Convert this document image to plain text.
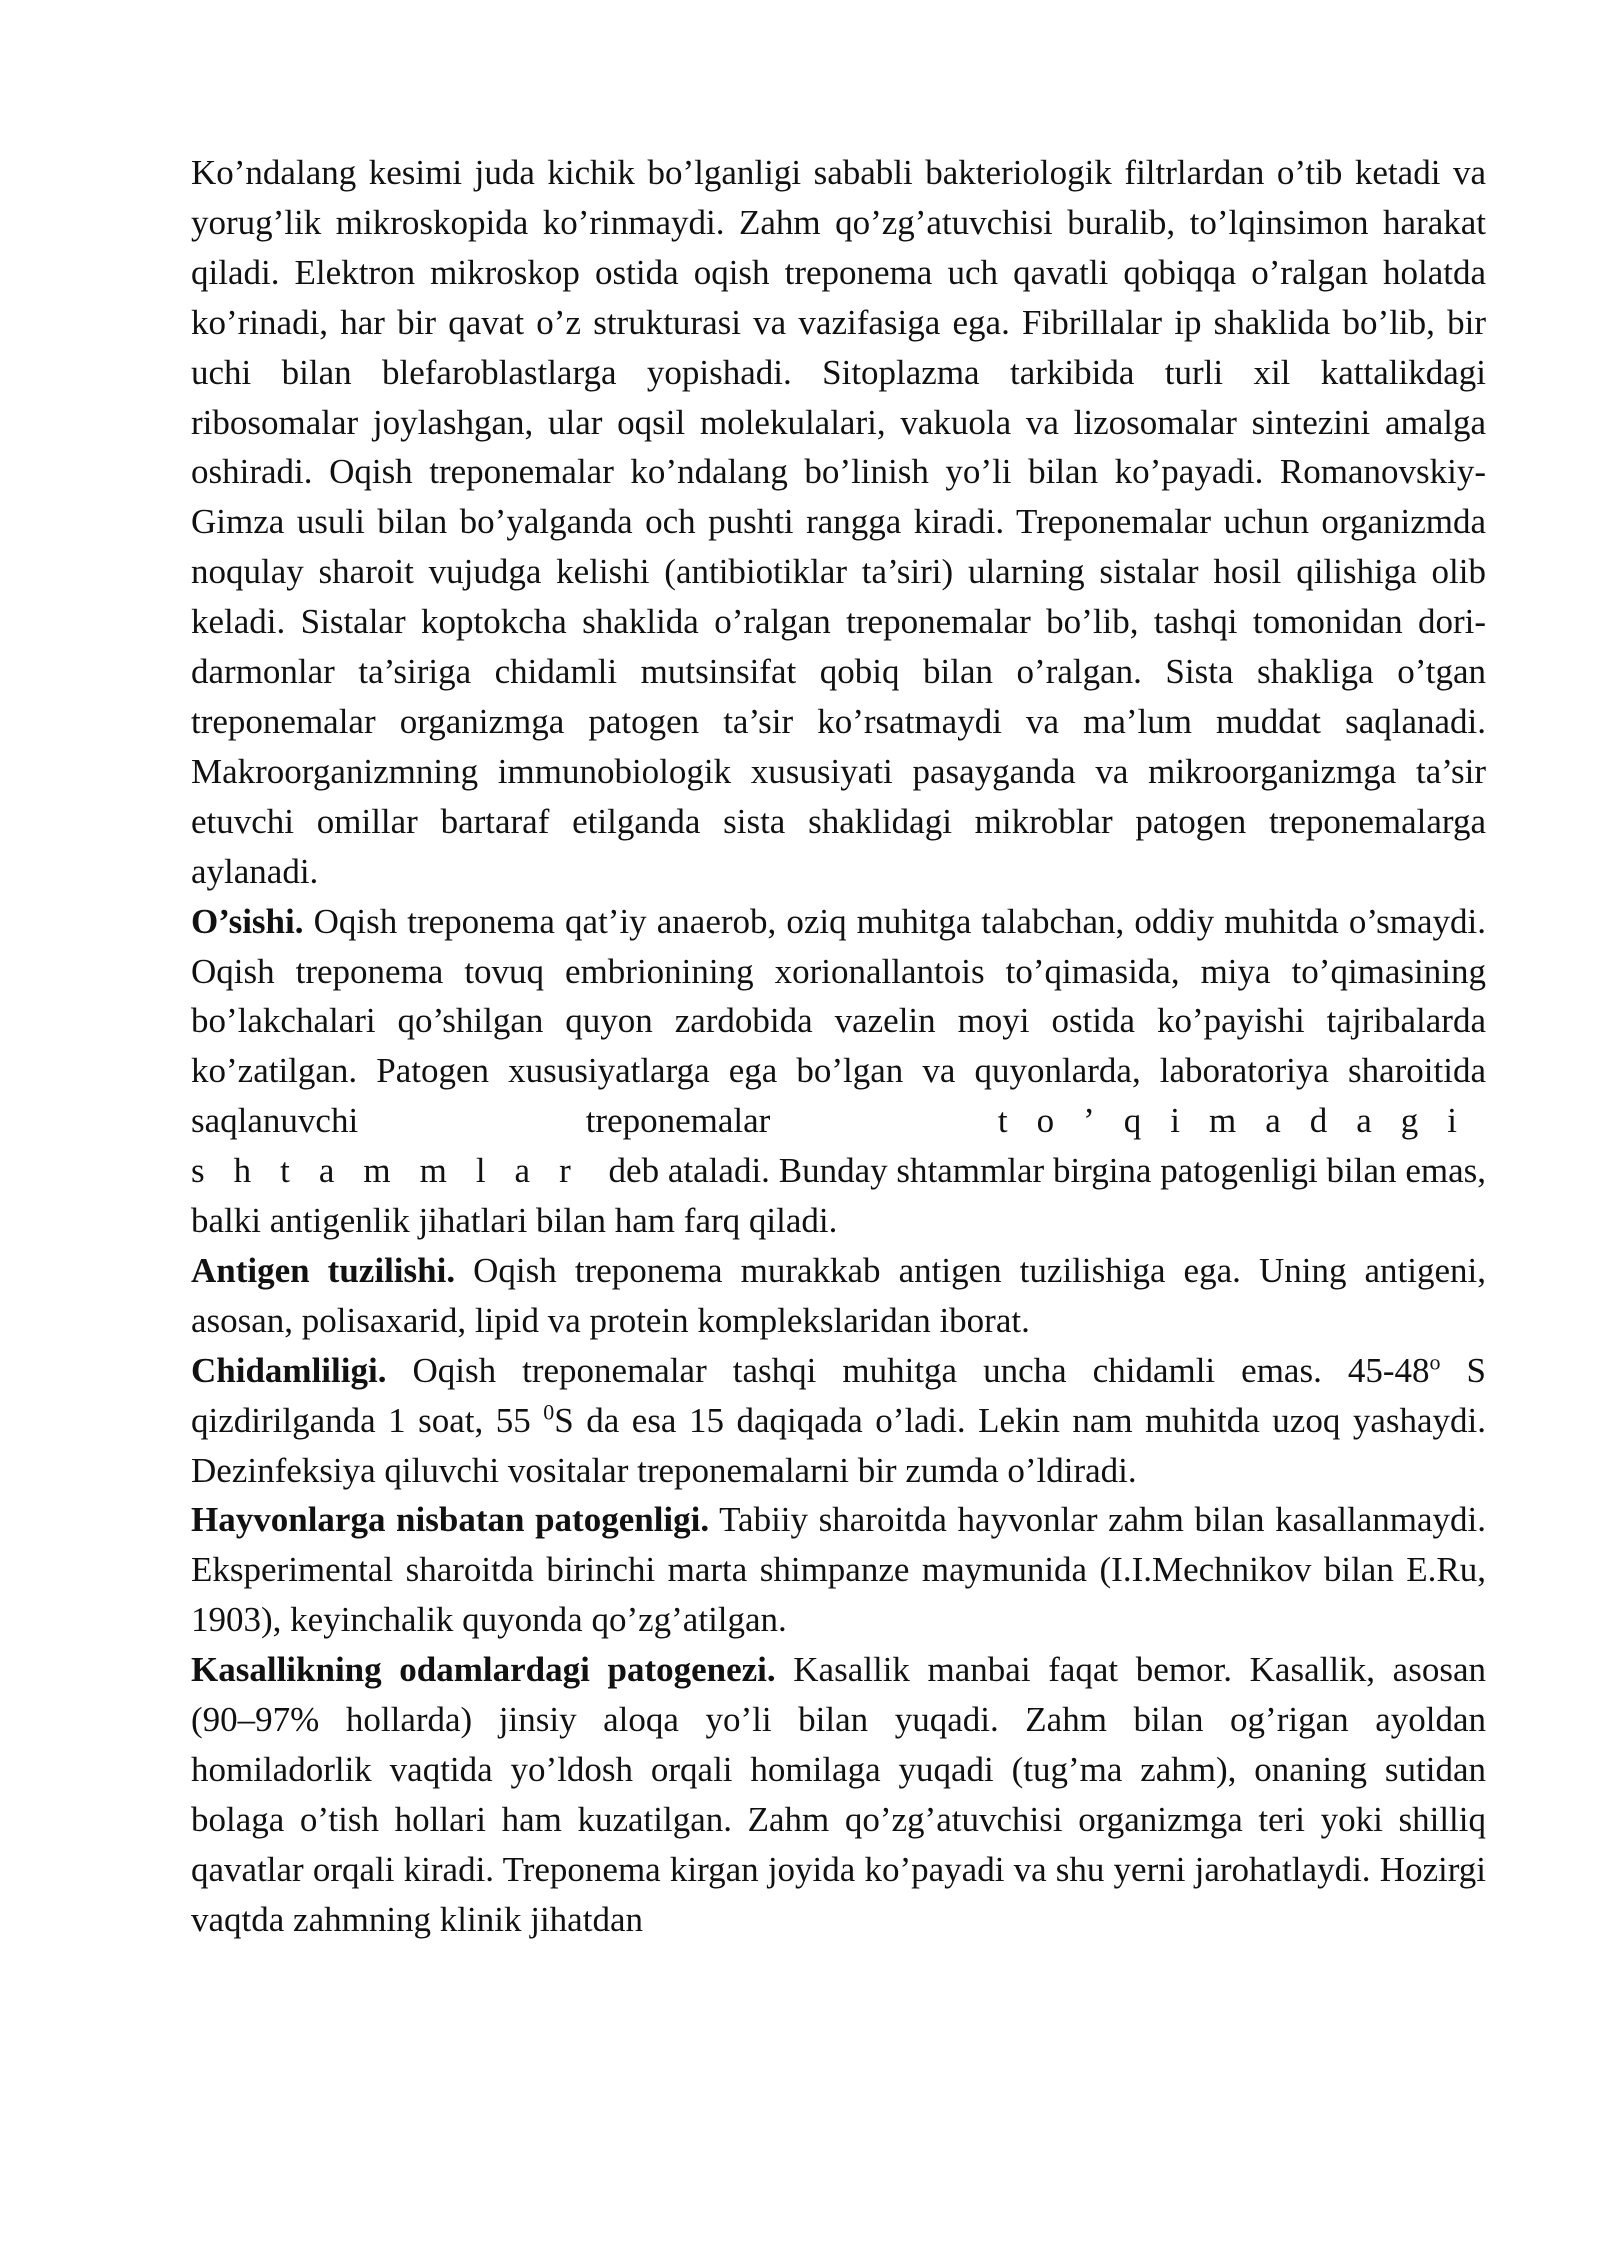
Ko’ndalang kesimi juda kichik bo’lganligi sababli bakteriologik filtrlardan o’tib ketadi va yorug’lik mikroskopida ko’rinmaydi. Zahm qo’zg’atuvchisi buralib, to’lqinsimon harakat qiladi. Elektron mikroskop ostida oqish treponema uch qavatli qobiqqa o’ralgan holatda ko’rinadi, har bir qavat o’z strukturasi va vazifasiga ega. Fibrillalar ip shaklida bo’lib, bir uchi bilan blefaroblastlarga yopishadi. Sitoplazma tarkibida turli xil kattalikdagi ribosomalar joylashgan, ular oqsil molekulalari, vakuola va lizosomalar sintezini amalga oshiradi. Oqish treponemalar ko’ndalang bo’linish yo’li bilan ko’payadi. Romanovskiy-Gimza usuli bilan bo’yalganda och pushti rangga kiradi. Treponemalar uchun organizmda noqulay sharoit vujudga kelishi (antibiotiklar ta’siri) ularning sistalar hosil qilishiga olib keladi. Sistalar koptokcha shaklida o’ralgan treponemalar bo’lib, tashqi tomonidan dori-darmonlar ta’siriga chidamli mutsinsifat qobiq bilan o’ralgan. Sista shakliga o’tgan treponemalar organizmga patogen ta’sir ko’rsatmaydi va ma’lum muddat saqlanadi. Makroorganizmning immunobiologik xususiyati pasayganda va mikroorganizmga ta’sir etuvchi omillar bartaraf etilganda sista shaklidagi mikroblar patogen treponemalarga aylanadi.

O’sishi. Oqish treponema qat’iy anaerob, oziq muhitga talabchan, oddiy muhitda o’smaydi. Oqish treponema tovuq embrionining xorionallantois to’qimasida, miya to’qimasining bo’lakchalari qo’shilgan quyon zardobida vazelin moyi ostida ko’payishi tajribalarda ko’zatilgan. Patogen xususiyatlarga ega bo’lgan va quyonlarda, laboratoriya sharoitida saqlanuvchi treponemalar to’qimadagi shtammlar deb ataladi. Bunday shtammlar birgina patogenligi bilan emas, balki antigenlik jihatlari bilan ham farq qiladi.

Antigen tuzilishi. Oqish treponema murakkab antigen tuzilishiga ega. Uning antigeni, asosan, polisaxarid, lipid va protein komplekslaridan iborat.

Chidamliligi. Oqish treponemalar tashqi muhitga uncha chidamli emas. 45-48$^o$ S qizdirilganda 1 soat, 55 $^0$S da esa 15 daqiqada o’ladi. Lekin nam muhitda uzoq yashaydi. Dezinfeksiya qiluvchi vositalar treponemalarni bir zumda o’ldiradi.

Hayvonlarga nisbatan patogenligi. Tabiiy sharoitda hayvonlar zahm bilan kasallanmaydi. Eksperimental sharoitda birinchi marta shimpanze maymunida (I.I.Mechnikov bilan E.Ru, 1903), keyinchalik quyonda qo’zg’atilgan.

Kasallikning odamlardagi patogenezi. Kasallik manbai faqat bemor. Kasallik, asosan (90–97% hollarda) jinsiy aloqa yo’li bilan yuqadi. Zahm bilan og’rigan ayoldan homiladorlik vaqtida yo’ldosh orqali homilaga yuqadi (tug’ma zahm), onaning sutidan bolaga o’tish hollari ham kuzatilgan. Zahm qo’zg’atuvchisi organizmga teri yoki shilliq qavatlar orqali kiradi. Treponema kirgan joyida ko’payadi va shu yerni jarohatlaydi. Hozirgi vaqtda zahmning klinik jihatdan
